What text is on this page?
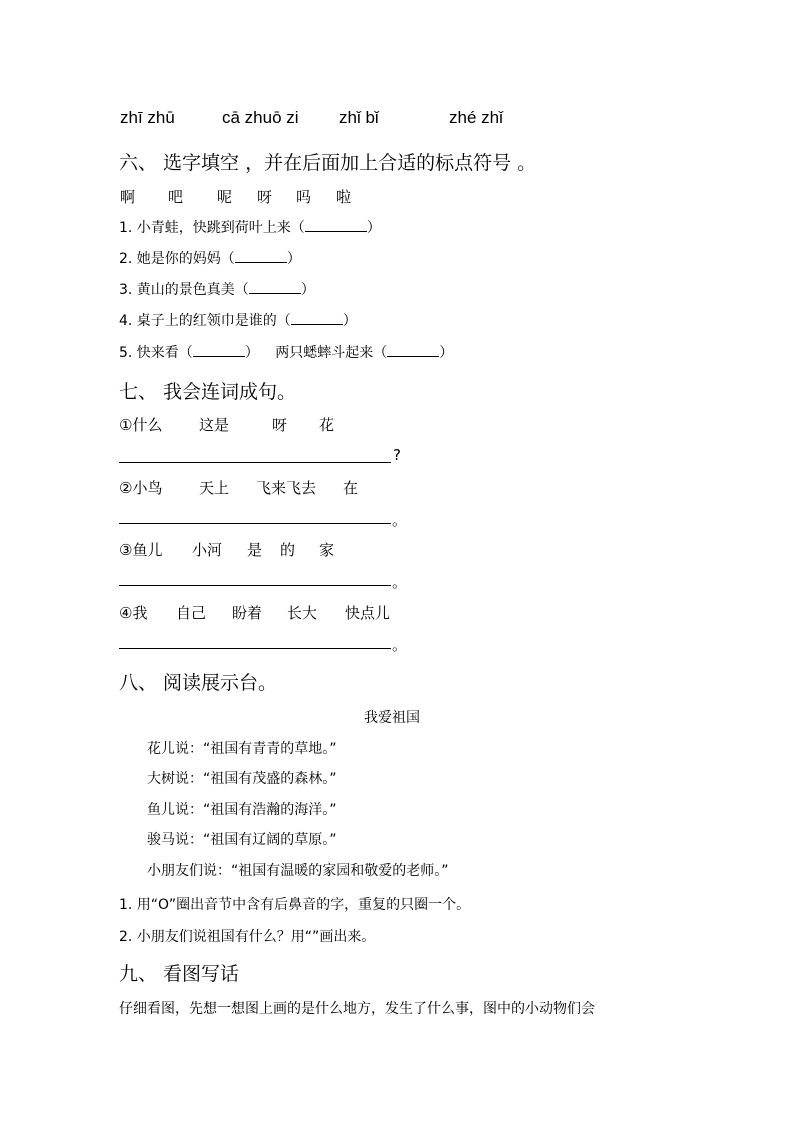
zhī zhū	cā zhuō zi zhǐ bǐ	zhé zhǐ
六、 选字填空 ，并在后面加上合适的标点符号 。
啊 吧 呢 呀 吗 啦
1. 小青蛙，快跳到荷叶上来（	）
2. 她是你的妈妈（	）
3. 黄山的景色真美（	）
4. 桌子上的红领巾是谁的（	）
5. 快来看（	） 两只蟋蟀斗起来（	）
七、 我会连词成句。
①什么 这是	呀 花
?
②小鸟 天上 飞来飞去 在
。
③鱼儿 小河 是 的 家
。
④我 自己 盼着 长大 快点儿
。
八、 阅读展示台。
我爱祖国
花儿说：“祖国有青青的草地。”
大树说：“祖国有茂盛的森林。”
鱼儿说：“祖国有浩瀚的海洋。”
骏马说：“祖国有辽阔的草原。”
小朋友们说：“祖国有温暖的家园和敬爱的老师。”
1. 用“O”圈出音节中含有后鼻音的字，重复的只圈一个。
2. 小朋友们说祖国有什么？用“”画出来。
九、 看图写话
仔细看图，先想一想图上画的是什么地方，发生了什么事，图中的小动物们会
